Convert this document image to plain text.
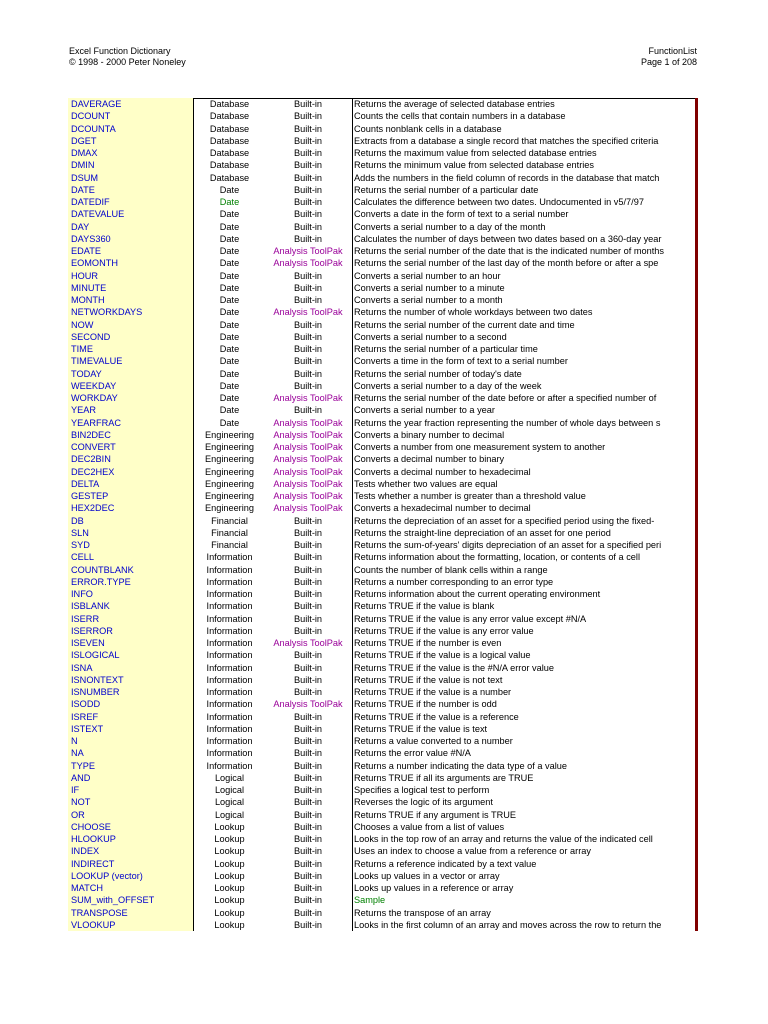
Excel Function Dictionary
© 1998 - 2000 Peter Noneley
FunctionList
Page 1 of 208
DAVERAGE	Database	Built-in	Returns the average of selected database entries
DCOUNT	Database	Built-in	Counts the cells that contain numbers in a database
DCOUNTA	Database	Built-in	Counts nonblank cells in a database
DGET	Database	Built-in	Extracts from a database a single record that matches the specified criteria
DMAX	Database	Built-in	Returns the maximum value from selected database entries
DMIN	Database	Built-in	Returns the minimum value from selected database entries
DSUM	Database	Built-in	Adds the numbers in the field column of records in the database that match
DATE	Date	Built-in	Returns the serial number of a particular date
DATEDIF	Date	Built-in	Calculates the difference between two dates. Undocumented in v5/7/97
DATEVALUE	Date	Built-in	Converts a date in the form of text to a serial number
DAY	Date	Built-in	Converts a serial number to a day of the month
DAYS360	Date	Built-in	Calculates the number of days between two dates based on a 360-day year
EDATE	Date	Analysis ToolPak	Returns the serial number of the date that is the indicated number of months
EOMONTH	Date	Analysis ToolPak	Returns the serial number of the last day of the month before or after a spe
HOUR	Date	Built-in	Converts a serial number to an hour
MINUTE	Date	Built-in	Converts a serial number to a minute
MONTH	Date	Built-in	Converts a serial number to a month
NETWORKDAYS	Date	Analysis ToolPak	Returns the number of whole workdays between two dates
NOW	Date	Built-in	Returns the serial number of the current date and time
SECOND	Date	Built-in	Converts a serial number to a second
TIME	Date	Built-in	Returns the serial number of a particular time
TIMEVALUE	Date	Built-in	Converts a time in the form of text to a serial number
TODAY	Date	Built-in	Returns the serial number of today's date
WEEKDAY	Date	Built-in	Converts a serial number to a day of the week
WORKDAY	Date	Analysis ToolPak	Returns the serial number of the date before or after a specified number of
YEAR	Date	Built-in	Converts a serial number to a year
YEARFRAC	Date	Analysis ToolPak	Returns the year fraction representing the number of whole days between s
BIN2DEC	Engineering	Analysis ToolPak	Converts a binary number to decimal
CONVERT	Engineering	Analysis ToolPak	Converts a number from one measurement system to another
DEC2BIN	Engineering	Analysis ToolPak	Converts a decimal number to binary
DEC2HEX	Engineering	Analysis ToolPak	Converts a decimal number to hexadecimal
DELTA	Engineering	Analysis ToolPak	Tests whether two values are equal
GESTEP	Engineering	Analysis ToolPak	Tests whether a number is greater than a threshold value
HEX2DEC	Engineering	Analysis ToolPak	Converts a hexadecimal number to decimal
DB	Financial	Built-in	Returns the depreciation of an asset for a specified period using the fixed-
SLN	Financial	Built-in	Returns the straight-line depreciation of an asset for one period
SYD	Financial	Built-in	Returns the sum-of-years' digits depreciation of an asset for a specified peri
CELL	Information	Built-in	Returns information about the formatting, location, or contents of a cell
COUNTBLANK	Information	Built-in	Counts the number of blank cells within a range
ERROR.TYPE	Information	Built-in	Returns a number corresponding to an error type
INFO	Information	Built-in	Returns information about the current operating environment
ISBLANK	Information	Built-in	Returns TRUE if the value is blank
ISERR	Information	Built-in	Returns TRUE if the value is any error value except #N/A
ISERROR	Information	Built-in	Returns TRUE if the value is any error value
ISEVEN	Information	Analysis ToolPak	Returns TRUE if the number is even
ISLOGICAL	Information	Built-in	Returns TRUE if the value is a logical value
ISNA	Information	Built-in	Returns TRUE if the value is the #N/A error value
ISNONTEXT	Information	Built-in	Returns TRUE if the value is not text
ISNUMBER	Information	Built-in	Returns TRUE if the value is a number
ISODD	Information	Analysis ToolPak	Returns TRUE if the number is odd
ISREF	Information	Built-in	Returns TRUE if the value is a reference
ISTEXT	Information	Built-in	Returns TRUE if the value is text
N	Information	Built-in	Returns a value converted to a number
NA	Information	Built-in	Returns the error value #N/A
TYPE	Information	Built-in	Returns a number indicating the data type of a value
AND	Logical	Built-in	Returns TRUE if all its arguments are TRUE
IF	Logical	Built-in	Specifies a logical test to perform
NOT	Logical	Built-in	Reverses the logic of its argument
OR	Logical	Built-in	Returns TRUE if any argument is TRUE
CHOOSE	Lookup	Built-in	Chooses a value from a list of values
HLOOKUP	Lookup	Built-in	Looks in the top row of an array and returns the value of the indicated cell
INDEX	Lookup	Built-in	Uses an index to choose a value from a reference or array
INDIRECT	Lookup	Built-in	Returns a reference indicated by a text value
LOOKUP (vector)	Lookup	Built-in	Looks up values in a vector or array
MATCH	Lookup	Built-in	Looks up values in a reference or array
SUM_with_OFFSET	Lookup	Built-in	Sample
TRANSPOSE	Lookup	Built-in	Returns the transpose of an array
VLOOKUP	Lookup	Built-in	Looks in the first column of an array and moves across the row to return the
